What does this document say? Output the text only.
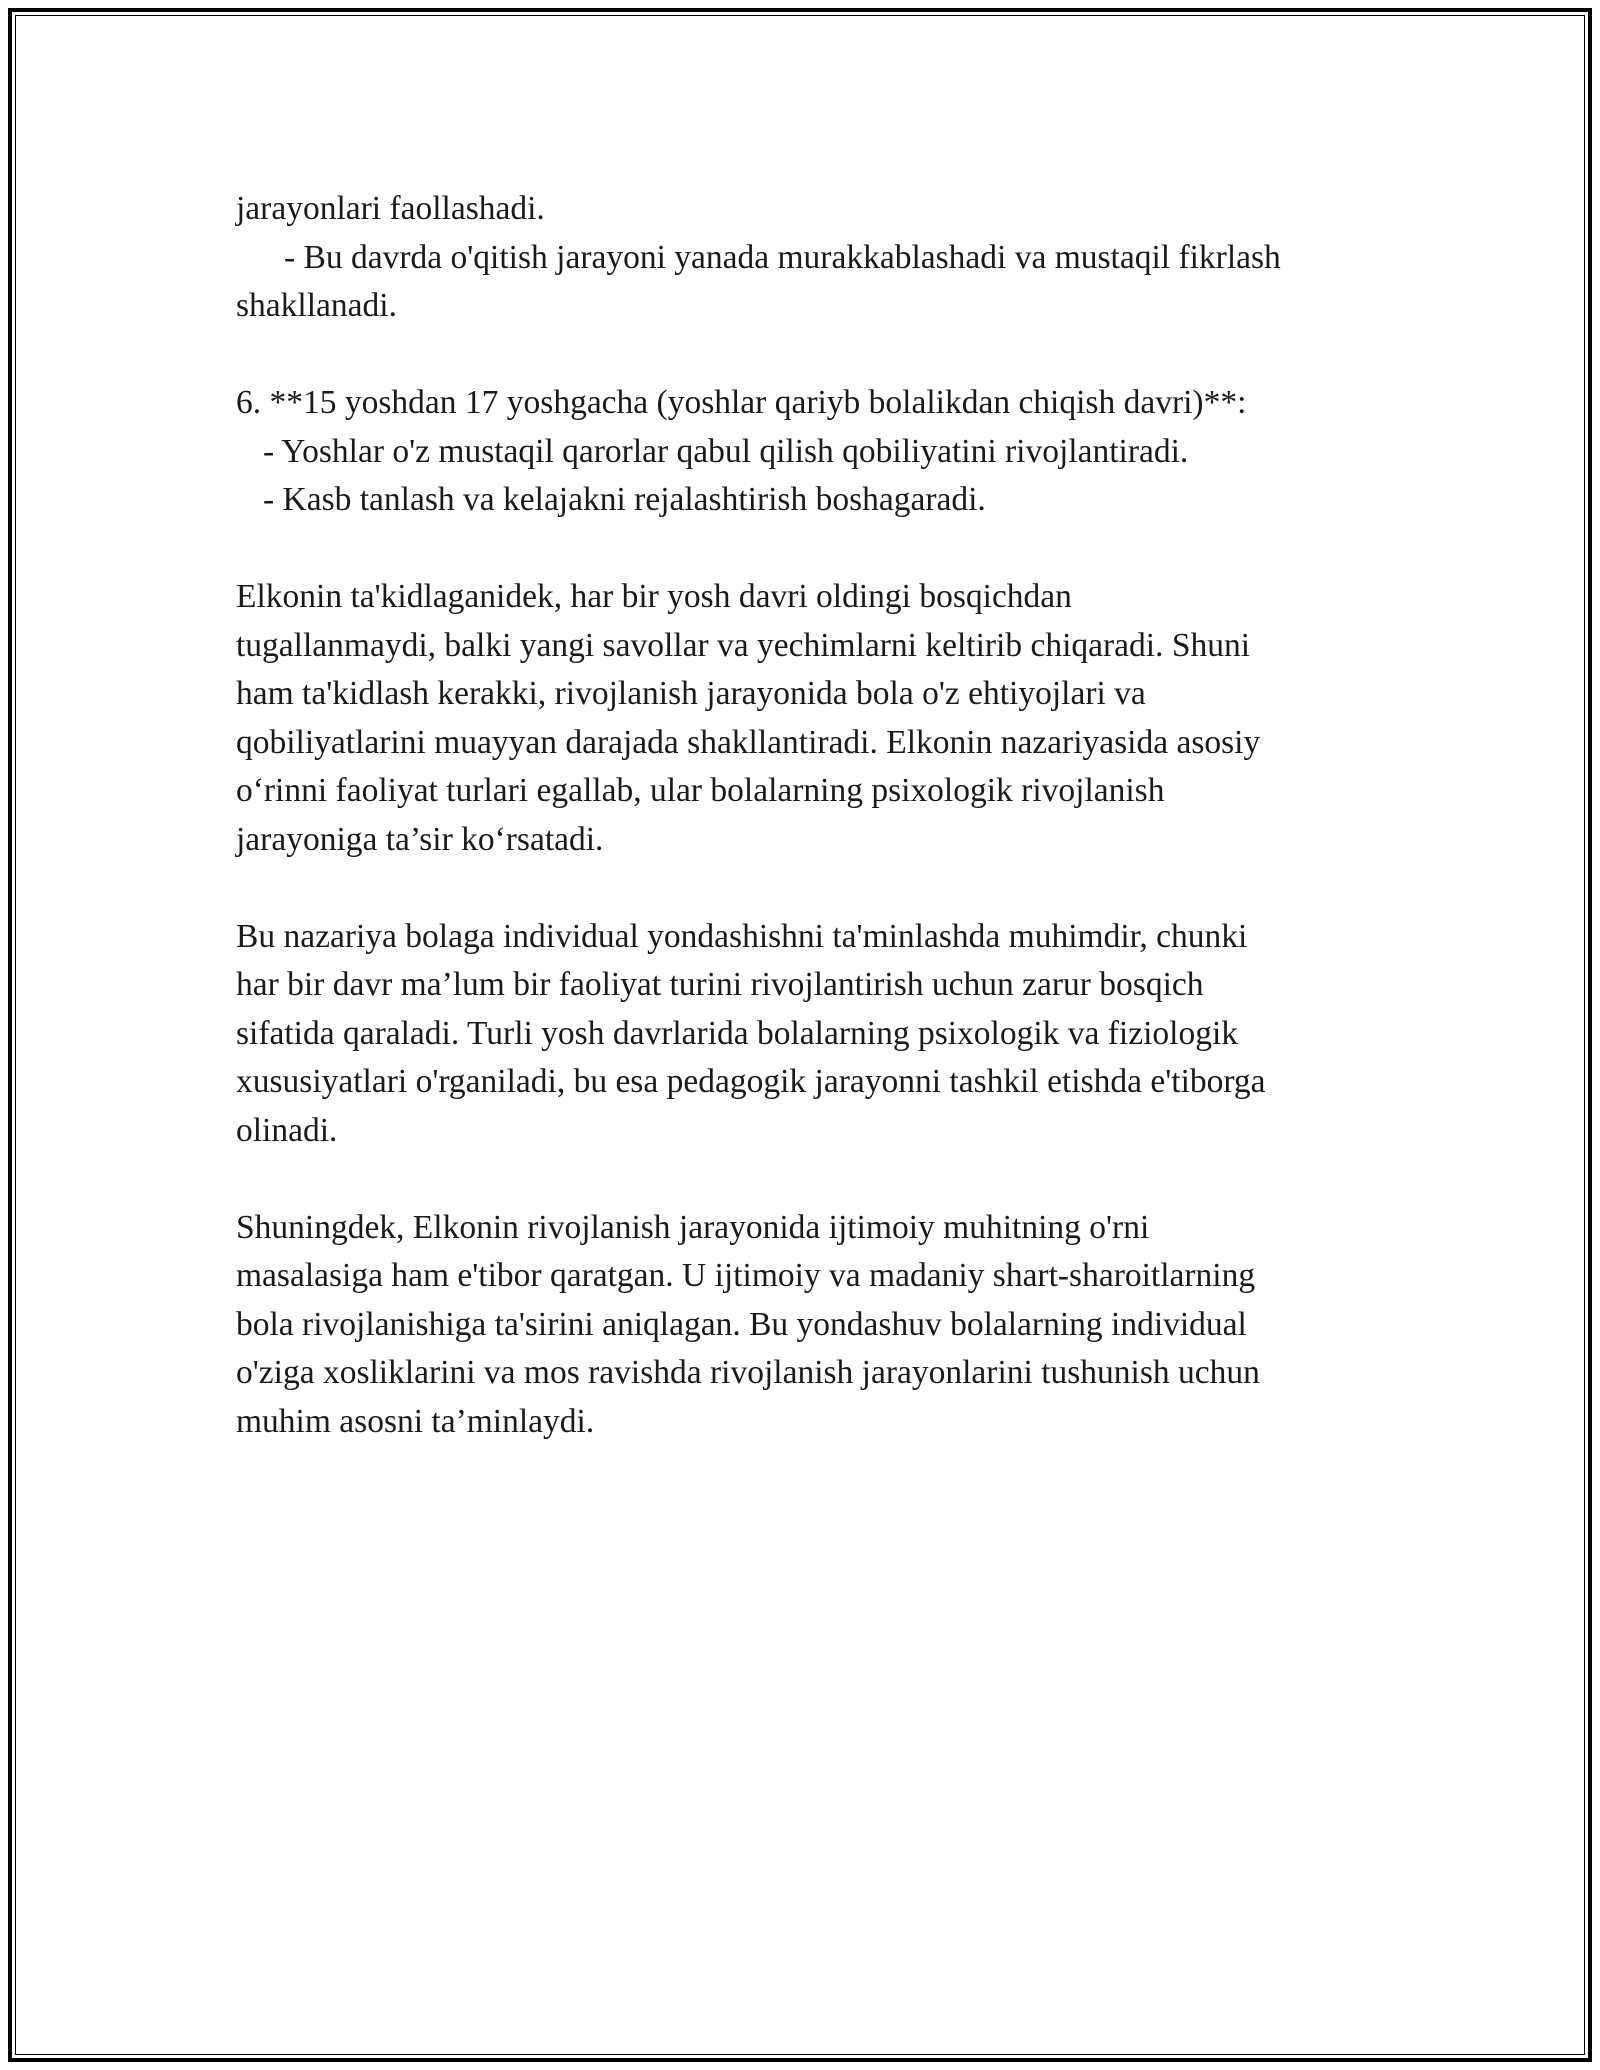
jarayonlari faollashadi.
- Bu davrda o'qitish jarayoni yanada murakkablashadi va mustaqil fikrlash
shakllanadi.
6. **15 yoshdan 17 yoshgacha (yoshlar qariyb bolalikdan chiqish davri)**:
- Yoshlar o'z mustaqil qarorlar qabul qilish qobiliyatini rivojlantiradi.
- Kasb tanlash va kelajakni rejalashtirish boshagaradi.
Elkonin ta'kidlaganidek, har bir yosh davri oldingi bosqichdan
tugallanmaydi, balki yangi savollar va yechimlarni keltirib chiqaradi. Shuni
ham ta'kidlash kerakki, rivojlanish jarayonida bola o'z ehtiyojlari va
qobiliyatlarini muayyan darajada shakllantiradi. Elkonin nazariyasida asosiy
o‘rinni faoliyat turlari egallab, ular bolalarning psixologik rivojlanish
jarayoniga ta’sir ko‘rsatadi.
Bu nazariya bolaga individual yondashishni ta'minlashda muhimdir, chunki
har bir davr ma’lum bir faoliyat turini rivojlantirish uchun zarur bosqich
sifatida qaraladi. Turli yosh davrlarida bolalarning psixologik va fiziologik
xususiyatlari o'rganiladi, bu esa pedagogik jarayonni tashkil etishda e'tiborga
olinadi.
Shuningdek, Elkonin rivojlanish jarayonida ijtimoiy muhitning o'rni
masalasiga ham e'tibor qaratgan. U ijtimoiy va madaniy shart-sharoitlarning
bola rivojlanishiga ta'sirini aniqlagan. Bu yondashuv bolalarning individual
o'ziga xosliklarini va mos ravishda rivojlanish jarayonlarini tushunish uchun
muhim asosni ta’minlaydi.
